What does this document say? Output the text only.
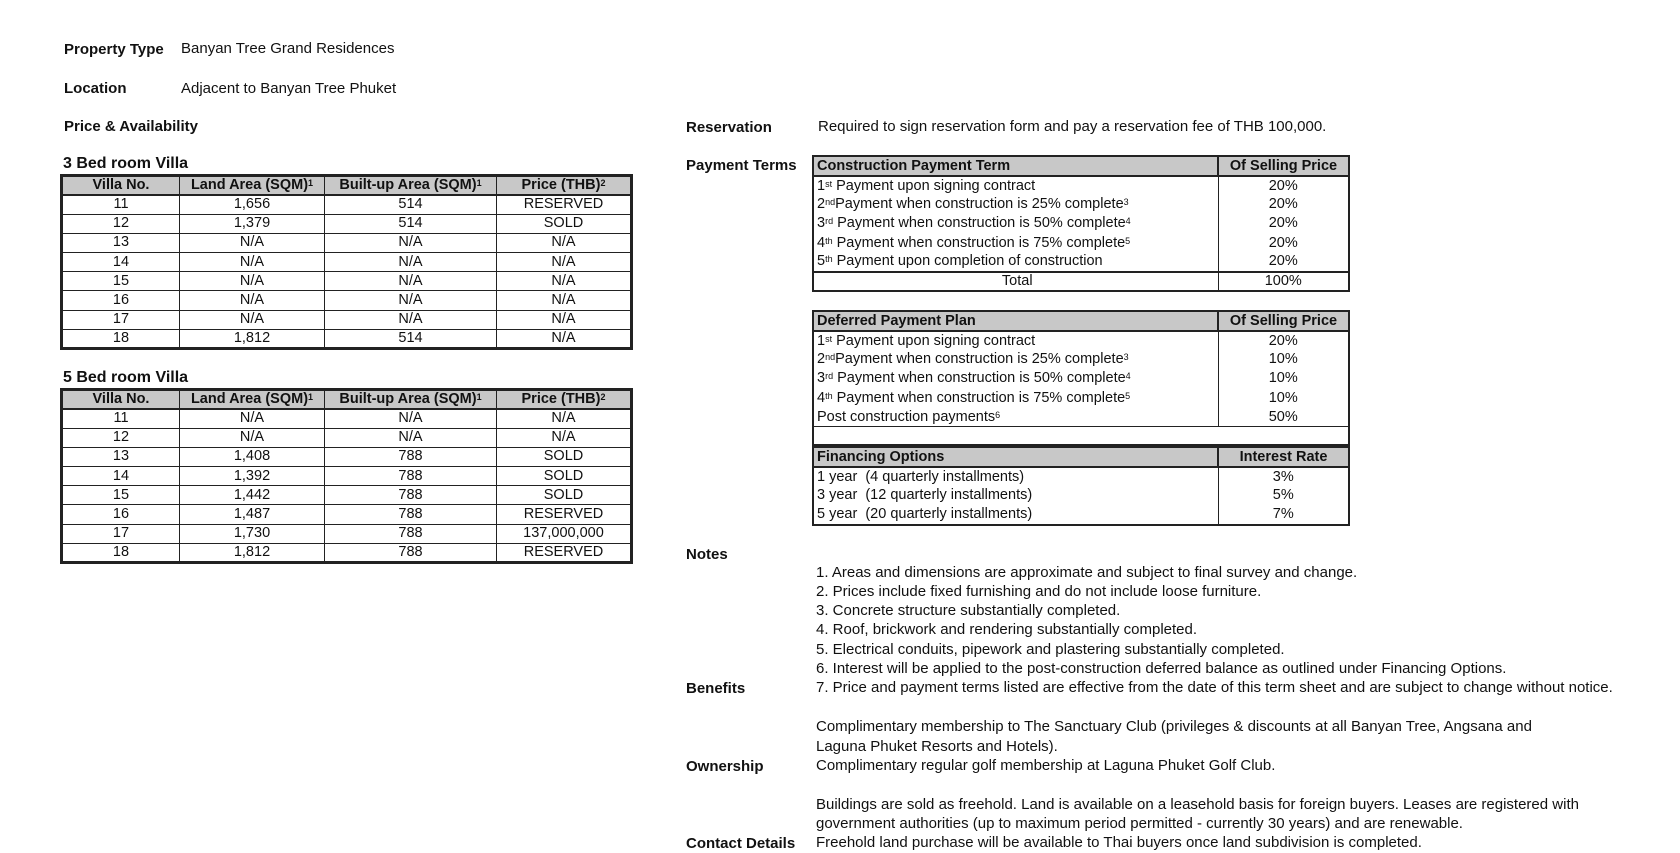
Property Type Banyan Tree Grand Residences
Location	Adjacent to Banyan Tree Phuket
Price & Availability
3 Bed room Villa
Villa No.	Land Area (SQM)$^1$	Built-up Area (SQM)$^1$	Price (THB)$^2$
11	1,656	514	RESERVED
12	1,379	514	SOLD
13	N/A	N/A	N/A
14	N/A	N/A	N/A
15	N/A	N/A	N/A
16	N/A	N/A	N/A
17	N/A	N/A	N/A
18	1,812	514	N/A
5 Bed room Villa
Villa No.	Land Area (SQM)$^1$	Built-up Area (SQM)$^1$	Price (THB)$^2$
11	N/A	N/A	N/A
12	N/A	N/A	N/A
13	1,408	788	SOLD
14	1,392	788	SOLD
15	1,442	788	SOLD
16	1,487	788	RESERVED
17	1,730	788	137,000,000
18	1,812	788	RESERVED
Reservation	Required to sign reservation form and pay a reservation fee of THB 100,000.
Payment Terms Construction Payment Term	Of Selling Price
1st Payment upon signing contract	20%
2ndPayment when construction is 25% complete$^3$	20%
3rd Payment when construction is 50% complete$^4$	20%
4th Payment when construction is 75% complete$^5$	20%
5th Payment upon completion of construction	20%
Total	100%
Deferred Payment Plan	Of Selling Price
1st Payment upon signing contract	20%
2ndPayment when construction is 25% complete$^3$	10%
3rd Payment when construction is 50% complete$^4$	10%
4th Payment when construction is 75% complete$^5$	10%
Post construction payments$^6$	50%

Financing Options	Interest Rate
1 year  (4 quarterly installments)	3%
3 year  (12 quarterly installments)	5%
5 year  (20 quarterly installments)	7%
Notes
1. Areas and dimensions are approximate and subject to final survey and change.
2. Prices include fixed furnishing and do not include loose furniture.
3. Concrete structure substantially completed.
4. Roof, brickwork and rendering substantially completed.
5. Electrical conduits, pipework and plastering substantially completed.
6. Interest will be applied to the post-construction deferred balance as outlined under Financing Options.
Benefits	7. Price and payment terms listed are effective from the date of this term sheet and are subject to change without notice.
Complimentary membership to The Sanctuary Club (privileges & discounts at all Banyan Tree, Angsana and
Laguna Phuket Resorts and Hotels).
Ownership	Complimentary regular golf membership at Laguna Phuket Golf Club.
Buildings are sold as freehold. Land is available on a leasehold basis for foreign buyers. Leases are registered with
government authorities (up to maximum period permitted - currently 30 years) and are renewable.
Contact Details Freehold land purchase will be available to Thai buyers once land subdivision is completed.
